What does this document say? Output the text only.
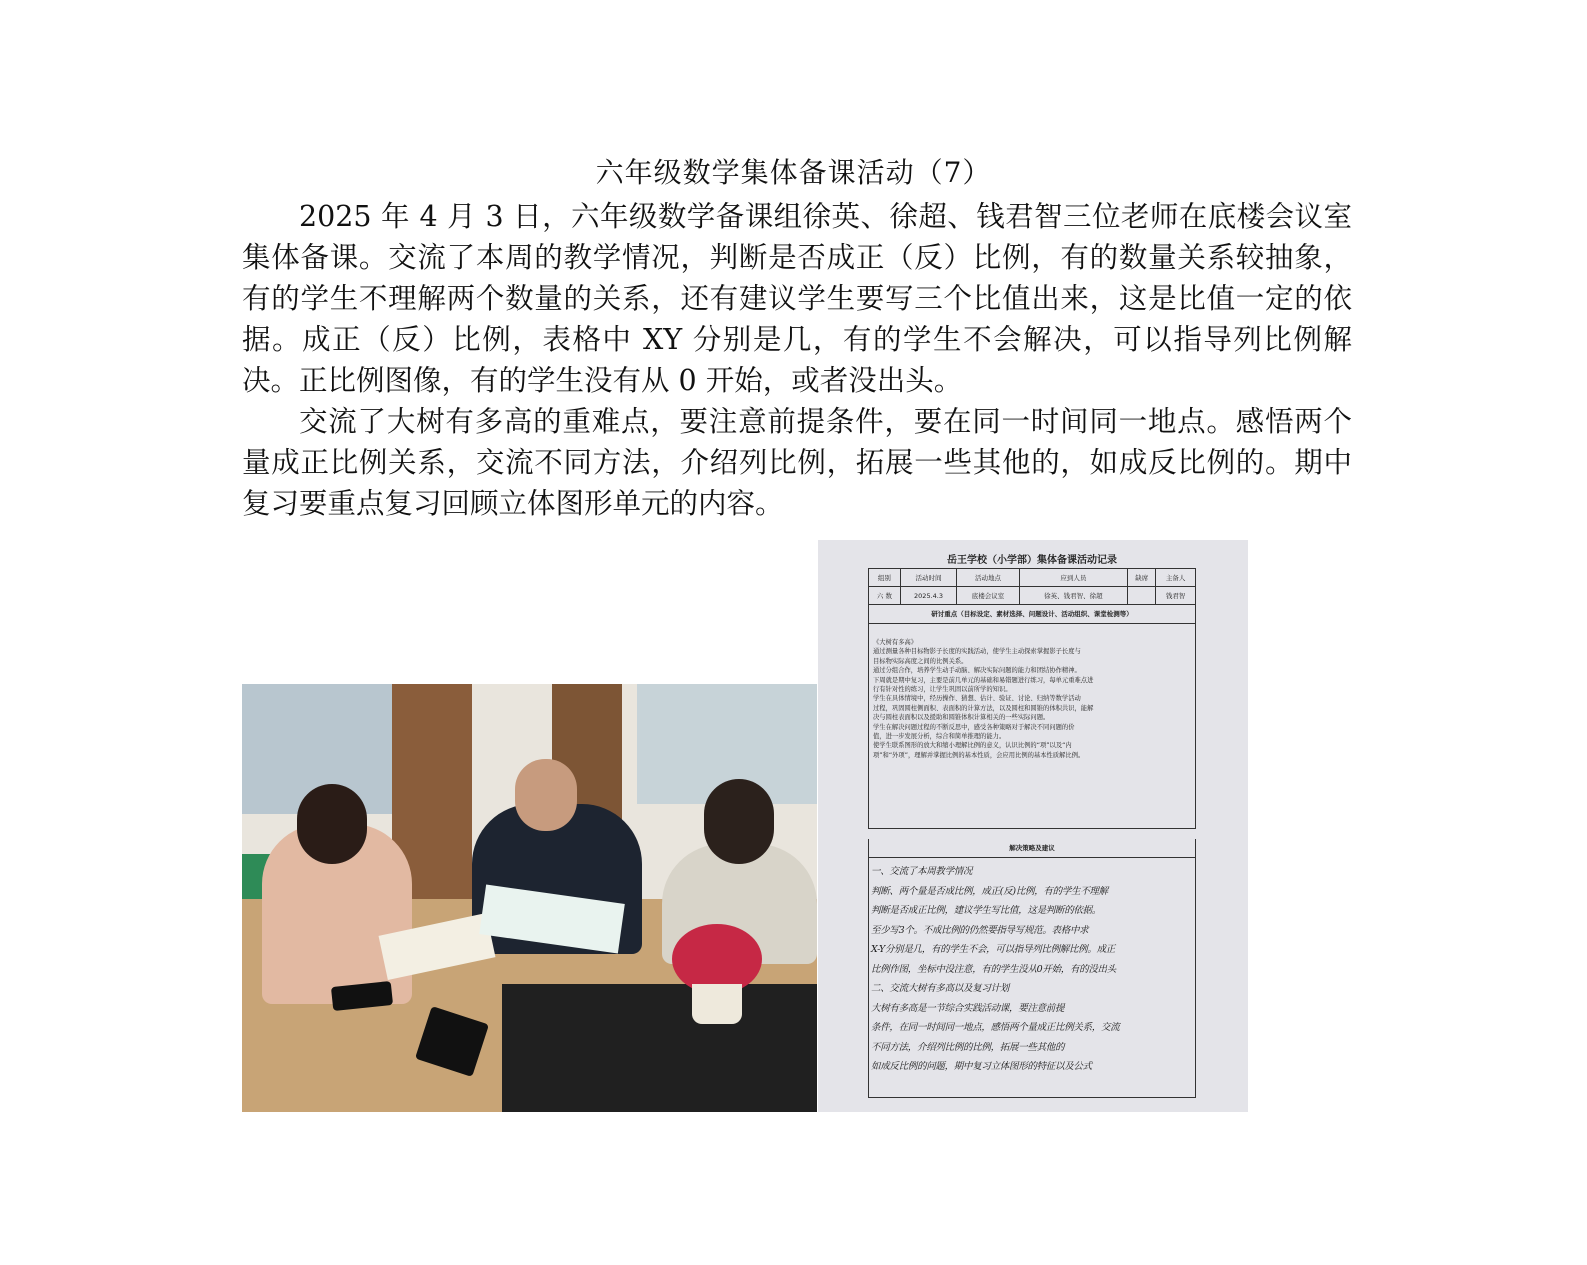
六年级数学集体备课活动（7）

2025 年 4 月 3 日，六年级数学备课组徐英、徐超、钱君智三位老师在底楼会议室集体备课。交流了本周的教学情况，判断是否成正（反）比例，有的数量关系较抽象，有的学生不理解两个数量的关系，还有建议学生要写三个比值出来，这是比值一定的依据。成正（反）比例，表格中 XY 分别是几，有的学生不会解决，可以指导列比例解决。正比例图像，有的学生没有从 0 开始，或者没出头。

交流了大树有多高的重难点，要注意前提条件，要在同一时间同一地点。感悟两个量成正比例关系，交流不同方法，介绍列比例，拓展一些其他的，如成反比例的。期中复习要重点复习回顾立体图形单元的内容。

岳王学校（小学部）集体备课活动记录
组别	活动时间	活动地点	应到人员	缺席	主备人
六 数	2025.4.3	底楼会议室	徐英、钱君智、徐超		钱君智
研讨重点（目标设定、素材选择、问题设计、活动组织、课堂检测等）
《大树有多高》
通过测量各种目标物影子长度的实践活动，使学生主动探索掌握影子长度与
目标物实际高度之间的比例关系。
通过分组合作，培养学生动手动脑、解决实际问题的能力和团结协作精神。
下周就是期中复习，主要是前几单元的基础和易错题进行练习，每单元重难点进
行有针对性的练习，让学生巩固以前所学的知识。
学生在具体情境中，经历操作、猜想、估计、验证、讨论、归纳等数学活动
过程，巩固圆柱侧面积、表面积的计算方法，以及圆柱和圆锥的体积共识，能解
决与圆柱表面积以及援助和圆锥体积计算相关的一些实际问题。
学生在解决问题过程的不断反思中，感受各种策略对于解决不同问题的价
值，进一步发展分析，综合和简单推理的能力。
使学生联系图形的放大和缩小理解比例的意义，认识比例的“项”以及“内
项”和“外项”，理解并掌握比例的基本性质，会应用比例的基本性质解比例。
解决策略及建议
一、交流了本周教学情况
判断、两个量是否成比例，成正(反)比例，有的学生不理解
判断是否成正比例，建议学生写比值，这是判断的依据。
至少写3个。不成比例的仍然要指导写规范。表格中求
X-Y分别是几，有的学生不会，可以指导列比例解比例。成正
比例作图，坐标中没注意，有的学生没从0开始，有的没出头
二、交流大树有多高以及复习计划
大树有多高是一节综合实践活动课，要注意前提
条件，在同一时间同一地点，感悟两个量成正比例关系，交流
不同方法，介绍列比例的比例，拓展一些其他的
如成反比例的问题，期中复习立体图形的特征以及公式
